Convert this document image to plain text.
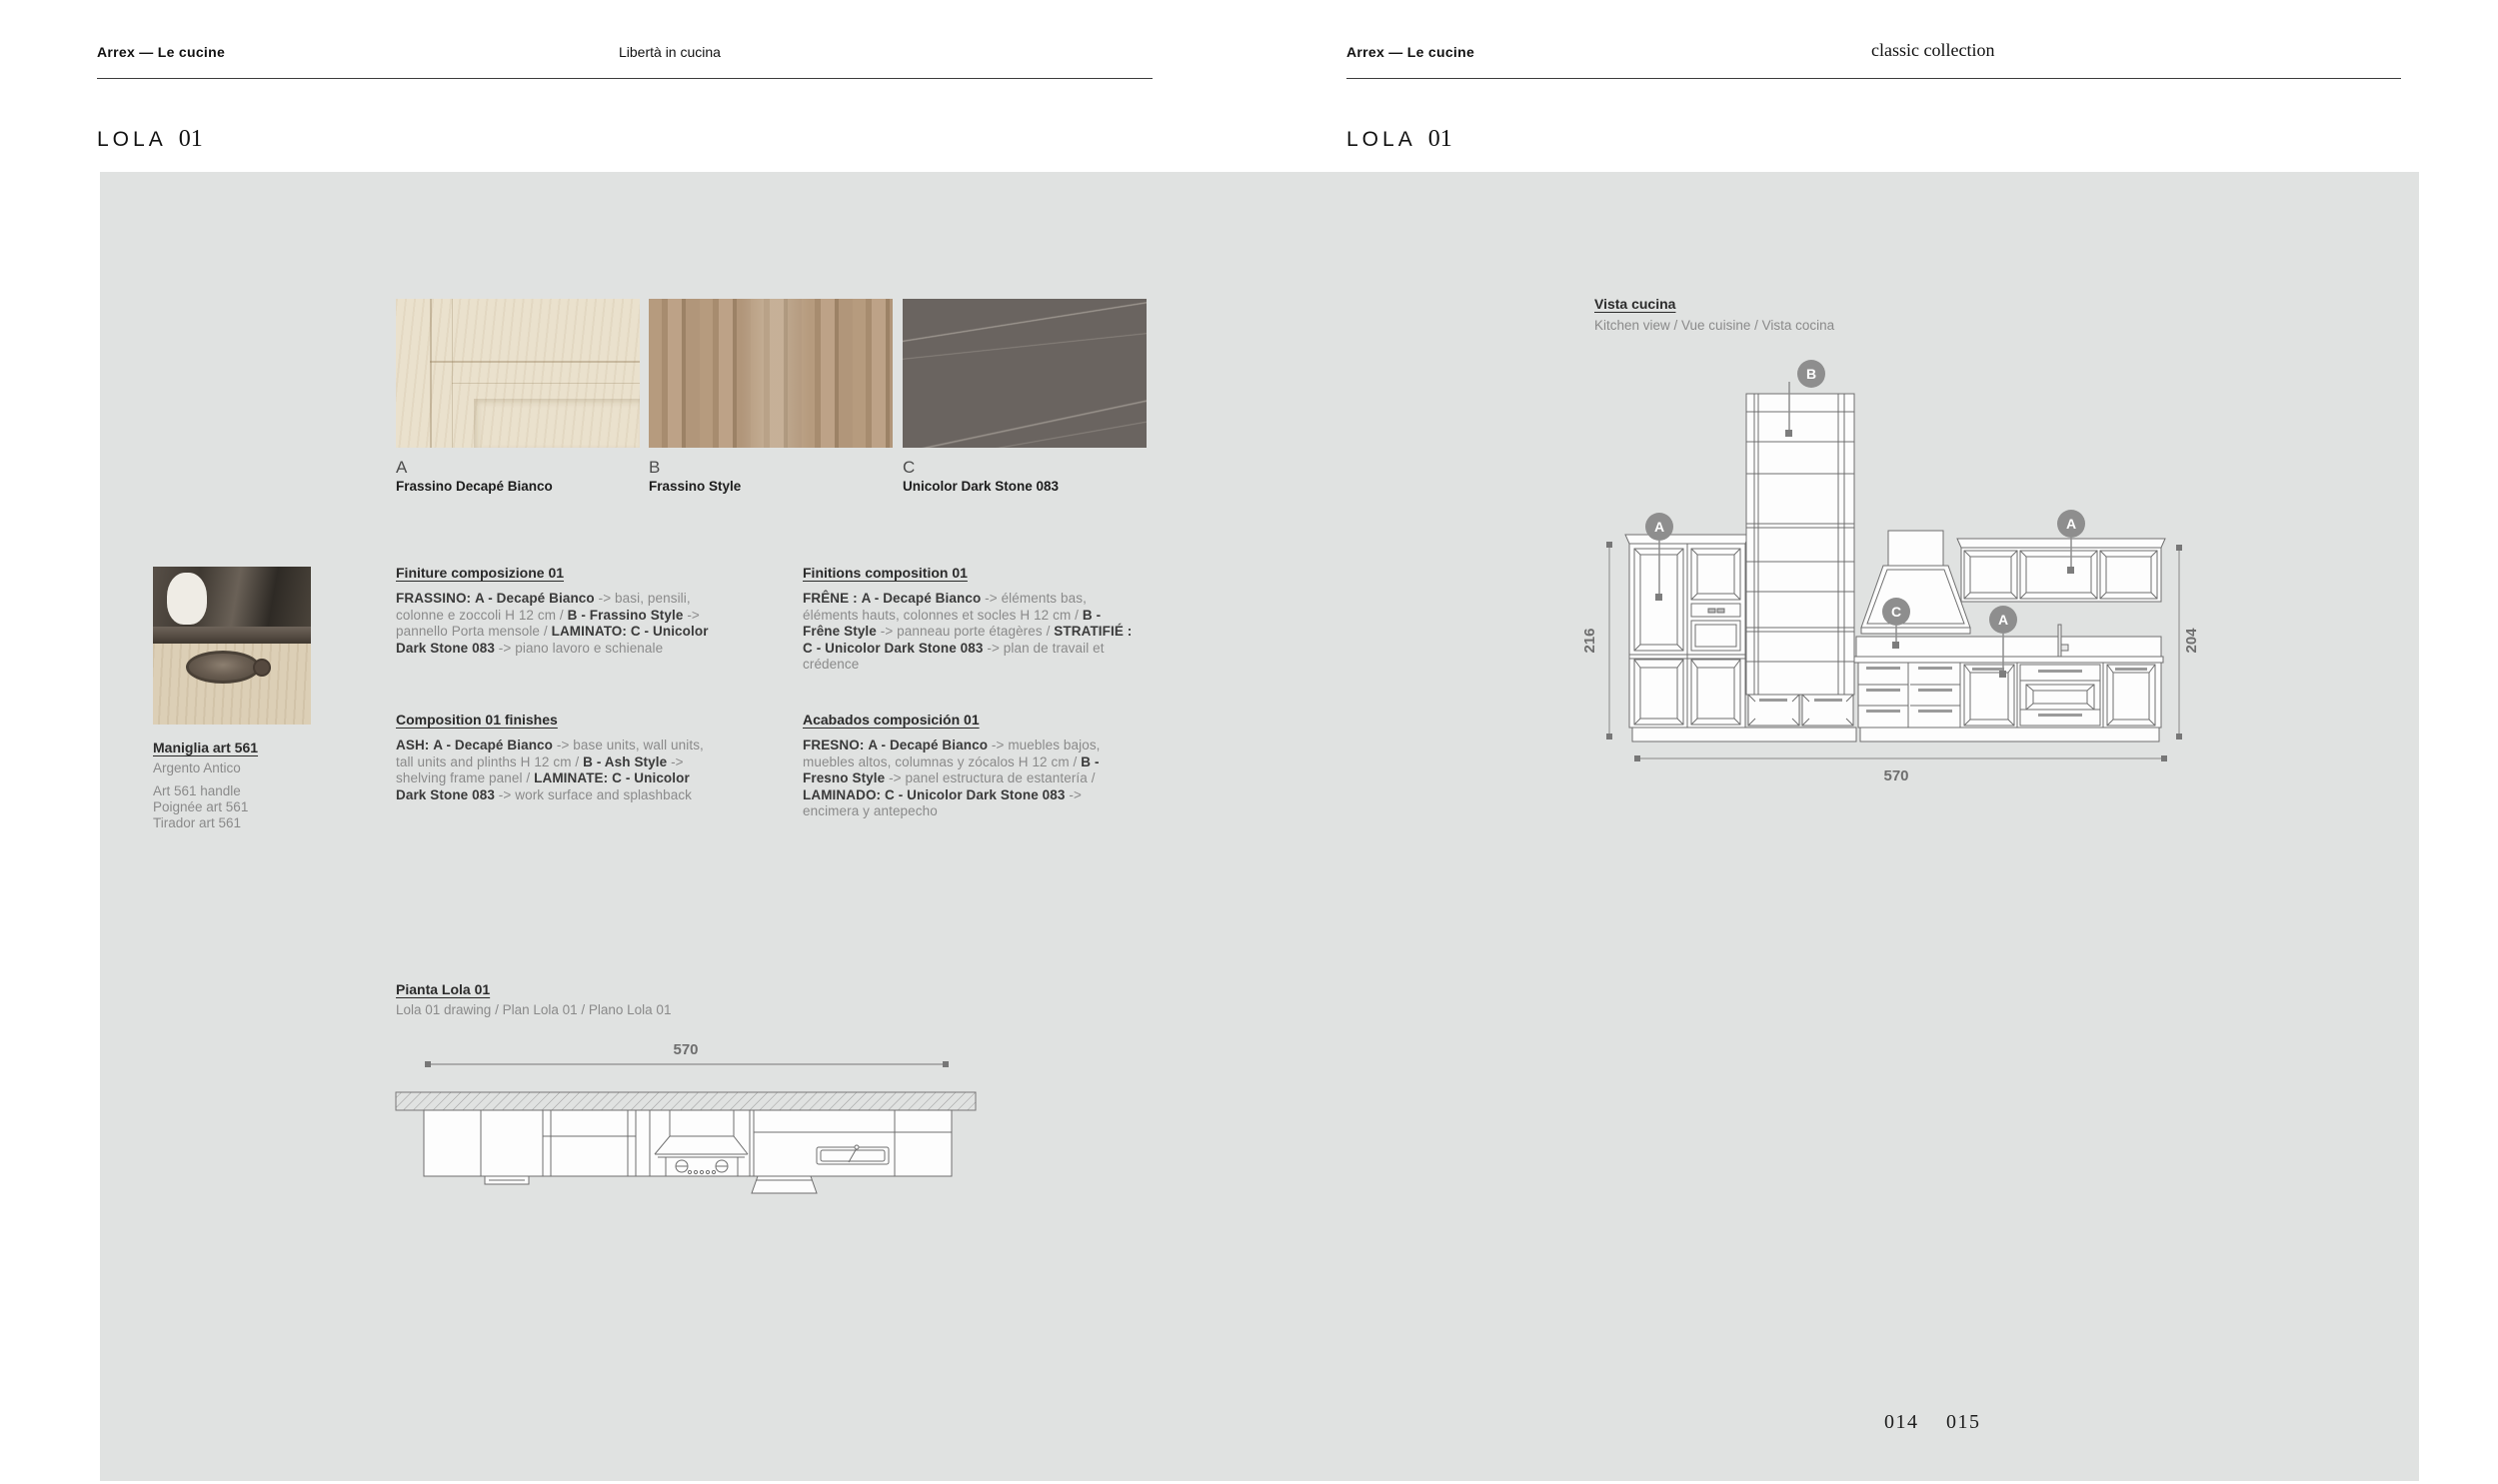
Arrex — Le cucine	Libertà in cucina	Arrex — Le cucine	classic collection
LOLA 01	LOLA 01
A
Frassino Decapé Bianco
B
Frassino Style
C
Unicolor Dark Stone 083
Maniglia art 561
Argento Antico
Art 561 handle
Poignée art 561
Tirador art 561
Finiture composizione 01
FRASSINO: A - Decapé Bianco -> basi, pensili, colonne e zoccoli H 12 cm / B - Frassino Style -> pannello Porta mensole / LAMINATO: C - Unicolor Dark Stone 083 -> piano lavoro e schienale
Finitions composition 01
FRÊNE : A - Decapé Bianco -> éléments bas, éléments hauts, colonnes et socles H 12 cm / B - Frêne Style -> panneau porte étagères / STRATIFIÉ : C - Unicolor Dark Stone 083 -> plan de travail et crédence
Composition 01 finishes
ASH: A - Decapé Bianco -> base units, wall units, tall units and plinths H 12 cm / B - Ash Style -> shelving frame panel / LAMINATE: C - Unicolor Dark Stone 083 -> work surface and splashback
Acabados composición 01
FRESNO: A - Decapé Bianco -> muebles bajos, muebles altos, columnas y zócalos H 12 cm / B - Fresno Style -> panel estructura de estantería / LAMINADO: C - Unicolor Dark Stone 083 -> encimera y antepecho
Pianta Lola 01
Lola 01 drawing / Plan Lola 01 / Plano Lola 01
570
Vista cucina
Kitchen view / Vue cuisine / Vista cocina
216	204
570
A
B
C	A
A
014 015
